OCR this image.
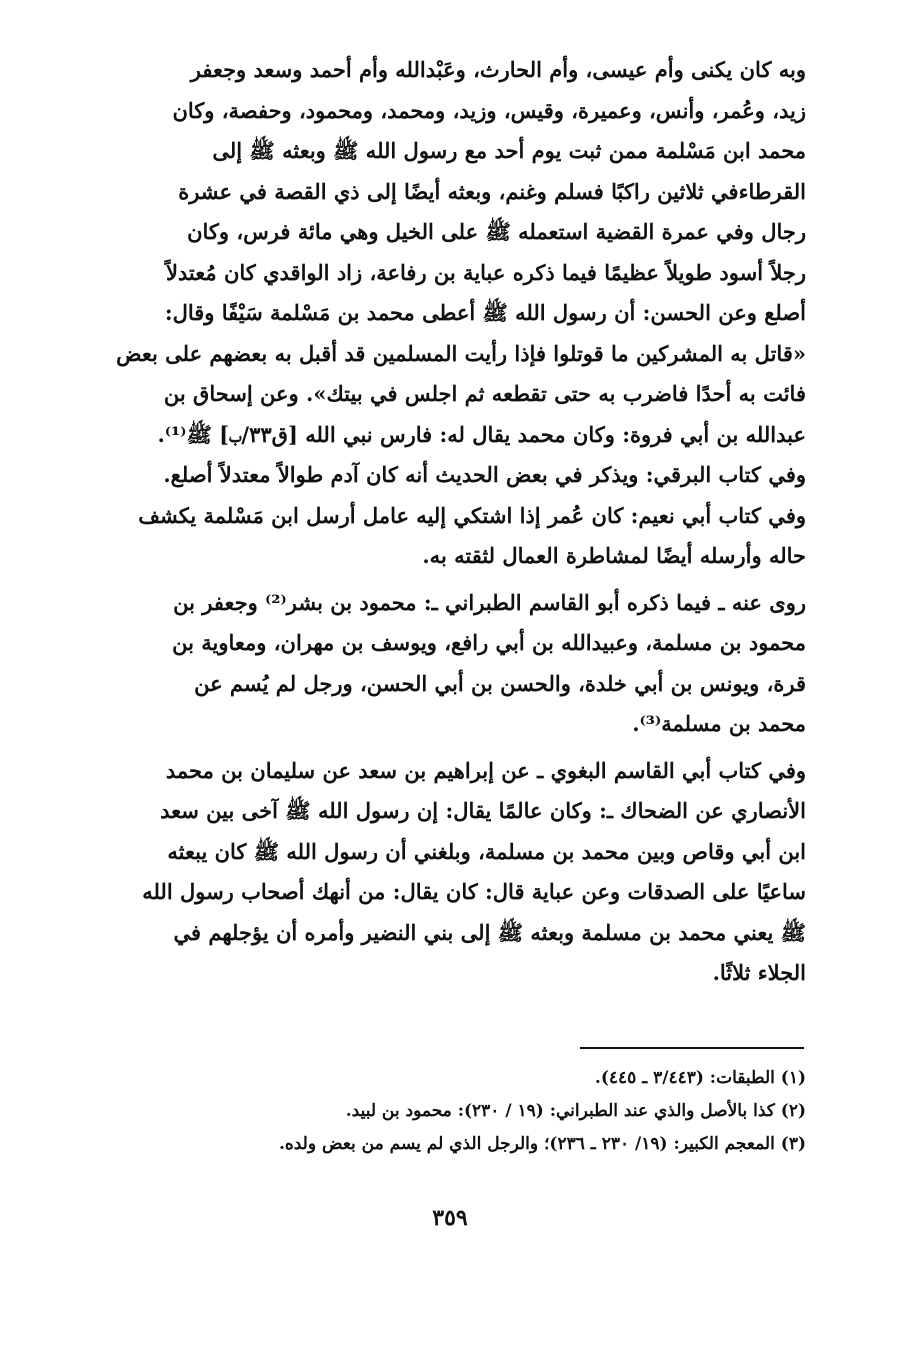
وبه كان يكنى وأم عيسى، وأم الحارث، وعَبْدالله وأم أحمد وسعد وجعفر
زيد، وعُمر، وأنس، وعميرة، وقيس، وزيد، ومحمد، ومحمود، وحفصة، وكان
محمد ابن مَسْلمة ممن ثبت يوم أحد مع رسول الله ﷺ وبعثه ﷺ إلى
القرطاءفي ثلاثين راكبًا فسلم وغنم، وبعثه أيضًا إلى ذي القصة في عشرة
رجال وفي عمرة القضية استعمله ﷺ على الخيل وهي مائة فرس، وكان
رجلاً أسود طويلاً عظيمًا فيما ذكره عباية بن رفاعة، زاد الواقدي كان مُعتدلاً
أصلع وعن الحسن: أن رسول الله ﷺ أعطى محمد بن مَسْلمة سَيْفًا وقال:
«قاتل به المشركين ما قوتلوا فإذا رأيت المسلمين قد أقبل به بعضهم على بعض
فائت به أحدًا فاضرب به حتى تقطعه ثم اجلس في بيتك». وعن إسحاق بن
عبدالله بن أبي فروة: وكان محمد يقال له: فارس نبي الله [ق٣٣/ب] ﷺ⁽¹⁾.

وفي كتاب البرقي: ويذكر في بعض الحديث أنه كان آدم طوالاً معتدلاً أصلع.

وفي كتاب أبي نعيم: كان عُمر إذا اشتكي إليه عامل أرسل ابن مَسْلمة يكشف
حاله وأرسله أيضًا لمشاطرة العمال لثقته به.

روى عنه ـ فيما ذكره أبو القاسم الطبراني ـ: محمود بن بشر⁽²⁾ وجعفر بن
محمود بن مسلمة، وعبيدالله بن أبي رافع، ويوسف بن مهران، ومعاوية بن
قرة، ويونس بن أبي خلدة، والحسن بن أبي الحسن، ورجل لم يُسم عن
محمد بن مسلمة⁽³⁾.

وفي كتاب أبي القاسم البغوي ـ عن إبراهيم بن سعد عن سليمان بن محمد
الأنصاري عن الضحاك ـ: وكان عالمًا يقال: إن رسول الله ﷺ آخى بين سعد
ابن أبي وقاص وبين محمد بن مسلمة، وبلغني أن رسول الله ﷺ كان يبعثه
ساعيًا على الصدقات وعن عباية قال: كان يقال: من أنهك أصحاب رسول الله
ﷺ يعني محمد بن مسلمة وبعثه ﷺ إلى بني النضير وأمره أن يؤجلهم في
الجلاء ثلاثًا.

(١) الطبقات: (٣/٤٤٣ ـ ٤٤٥).
(٢) كذا بالأصل والذي عند الطبراني: (١٩ / ٢٣٠): محمود بن لبيد.
(٣) المعجم الكبير: (١٩/ ٢٣٠ ـ ٢٣٦)؛ والرجل الذي لم يسم من بعض ولده.
٣٥٩
